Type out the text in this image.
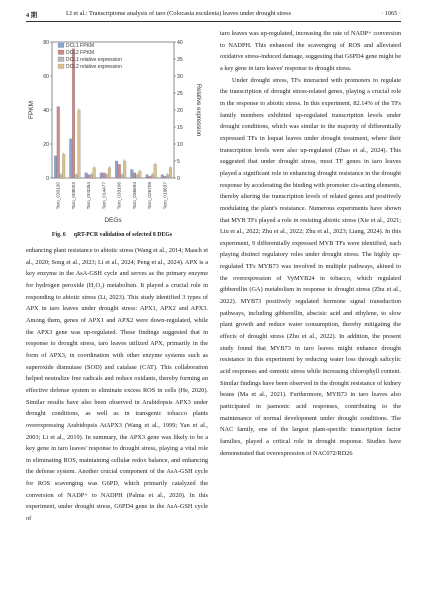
4 期	LI et al.: Transcriptome analysis of taro (Colocasia esculenta) leaves under drought stress	· 1065 ·
0
20
40
60
80
0
5
10
15
20
25
30
35
40
FPKM	Relative expression
Taro_030120 Taro_008003 Taro_003354 Taro_014477 Taro_033106 Taro_036694 Taro_026708 Taro_019637
DEGs
DCL1 FPKM
DCL2 FPKM
DCL1 relative expression
DCL2 relative expression
Fig. 6 qRT-PCR validation of selected 8 DEGs

enhancing plant resistance to abiotic stress (Wang et al., 2014; Maach et al., 2020; Song et al., 2023; Li et al., 2024; Peng et al., 2024). APX is a key enzyme in the AsA-GSH cycle and serves as the primary enzyme for hydrogen peroxide (H₂O₂) metabolism. It played a crucial role in responding to abiotic stress (Li, 2023). This study identified 3 types of APX in taro leaves under drought stress: APX1, APX2 and APX3. Among them, genes of APX1 and APX2 were down-regulated, while the APX3 gene was up-regulated. These findings suggested that in response to drought stress, taro leaves utilized APX, primarily in the form of APX3, in coordination with other enzyme systems such as superoxide dismutase (SOD) and catalase (CAT). This collaboration helped neutralize free radicals and reduce oxidants, thereby forming an effective defense system to eliminate excess ROS in cells (He, 2020). Similar results have also been observed in Arabidopsis APX3 under drought conditions, as well as in transgenic tobacco plants overexpressing Arabidopsis AtAPX3 (Wang et al., 1999; Yan et al., 2003; Li et al., 2019). In summary, the APX3 gene was likely to be a key gene in taro leaves' response to drought stress, playing a vital role in eliminating ROS, maintaining cellular redox balance, and enhancing the defense system. Another crucial component of the AsA-GSH cycle for ROS scavenging was G6PD, which primarily catalyzed the conversion of NADP+ to NADPH (Palma et al., 2020). In this experiment, under drought stress, G6PD4 gene in the AsA-GSH cycle of

taro leaves was up-regulated, increasing the rate of NADP+ conversion to NADPH. This enhanced the scavenging of ROS and alleviated oxidative stress-induced damage, suggesting that G6PD4 gene might be a key gene in taro leaves' response to drought stress.

Under drought stress, TFs interacted with promoters to regulate the transcription of drought stress-related genes, playing a crucial role in the response to abiotic stress. In this experiment, 82.14% of the TFs family members exhibited up-regulated transcription levels under drought conditions, which was similar to the majority of differentially expressed TFs in loquat leaves under drought treatment, where their transcription levels were also up-regulated (Zhao et al., 2024). This suggested that under drought stress, most TF genes in taro leaves played a significant role in enhancing drought resistance in the drought response by accelerating the binding with promoter cis-acting elements, thereby altering the transcription levels of related genes and positively modulating the plant's resistance. Numerous experiments have shown that MYB TFs played a role in resisting abiotic stress (Xie et al., 2021; Liu et al., 2022; Zhu et al., 2022; Zhu et al., 2023; Liang, 2024). In this experiment, 9 differentially expressed MYB TFs were identified, each playing distinct regulatory roles under drought stress. The highly up-regulated TFs MYB73 was involved in multiple pathways, akined to the overexpression of VyMYB24 in tobacco, which regulated gibberellin (GA) metabolism in response to drought stress (Zhu et al., 2022). MYB73 positively regulated hormone signal transduction pathways, including gibberellin, abscisic acid and ethylene, to slow plant growth and reduce water consumption, thereby mitigating the effects of drought stress (Zhu et al., 2022). In addition, the present study found that MYB73 in taro leaves might enhance drought resistance in this experiment by reducing water loss through salicylic acid responses and osmotic stress while increasing chlorophyll content. Similar findings have been observed in the drought resistance of kidney beans (Ma et al., 2021). Furthermore, MYB73 in taro leaves also participated in jasmonic acid responses, contributing to the maintenance of normal development under drought conditions. The NAC family, one of the largest plant-specific transcription factor families, played a critical role in drought response. Studies have demonstrated that overexpression of NAC072/RD26
